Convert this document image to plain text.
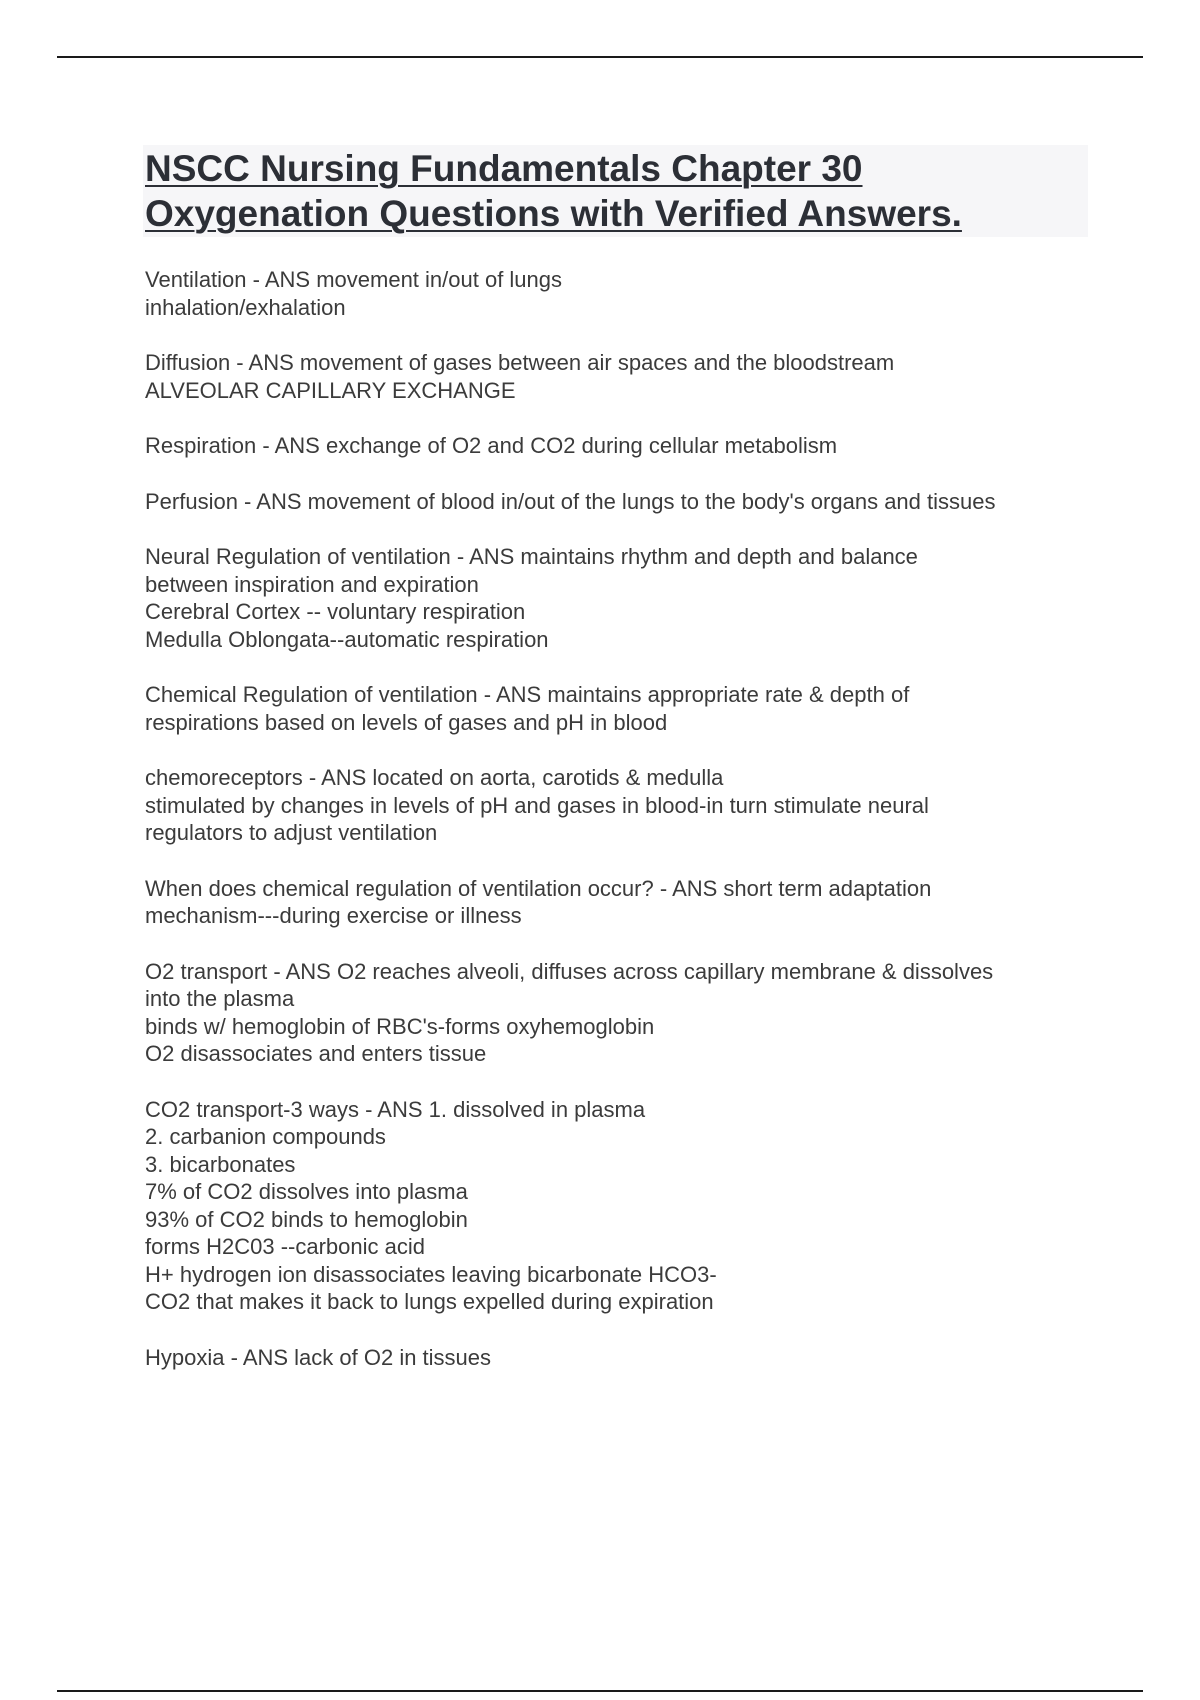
NSCC Nursing Fundamentals Chapter 30
Oxygenation Questions with Verified Answers.
Ventilation - ANS movement in/out of lungs
inhalation/exhalation
Diffusion - ANS movement of gases between air spaces and the bloodstream
ALVEOLAR CAPILLARY EXCHANGE
Respiration - ANS exchange of O2 and CO2 during cellular metabolism
Perfusion - ANS movement of blood in/out of the lungs to the body's organs and tissues
Neural Regulation of ventilation - ANS maintains rhythm and depth and balance
between inspiration and expiration
Cerebral Cortex -- voluntary respiration
Medulla Oblongata--automatic respiration
Chemical Regulation of ventilation - ANS maintains appropriate rate & depth of
respirations based on levels of gases and pH in blood
chemoreceptors - ANS located on aorta, carotids & medulla
stimulated by changes in levels of pH and gases in blood-in turn stimulate neural
regulators to adjust ventilation
When does chemical regulation of ventilation occur? - ANS short term adaptation
mechanism---during exercise or illness
O2 transport - ANS O2 reaches alveoli, diffuses across capillary membrane & dissolves
into the plasma
binds w/ hemoglobin of RBC's-forms oxyhemoglobin
O2 disassociates and enters tissue
CO2 transport-3 ways - ANS 1. dissolved in plasma
2. carbanion compounds
3. bicarbonates
7% of CO2 dissolves into plasma
93% of CO2 binds to hemoglobin
forms H2C03 --carbonic acid
H+ hydrogen ion disassociates leaving bicarbonate HCO3-
CO2 that makes it back to lungs expelled during expiration
Hypoxia - ANS lack of O2 in tissues
